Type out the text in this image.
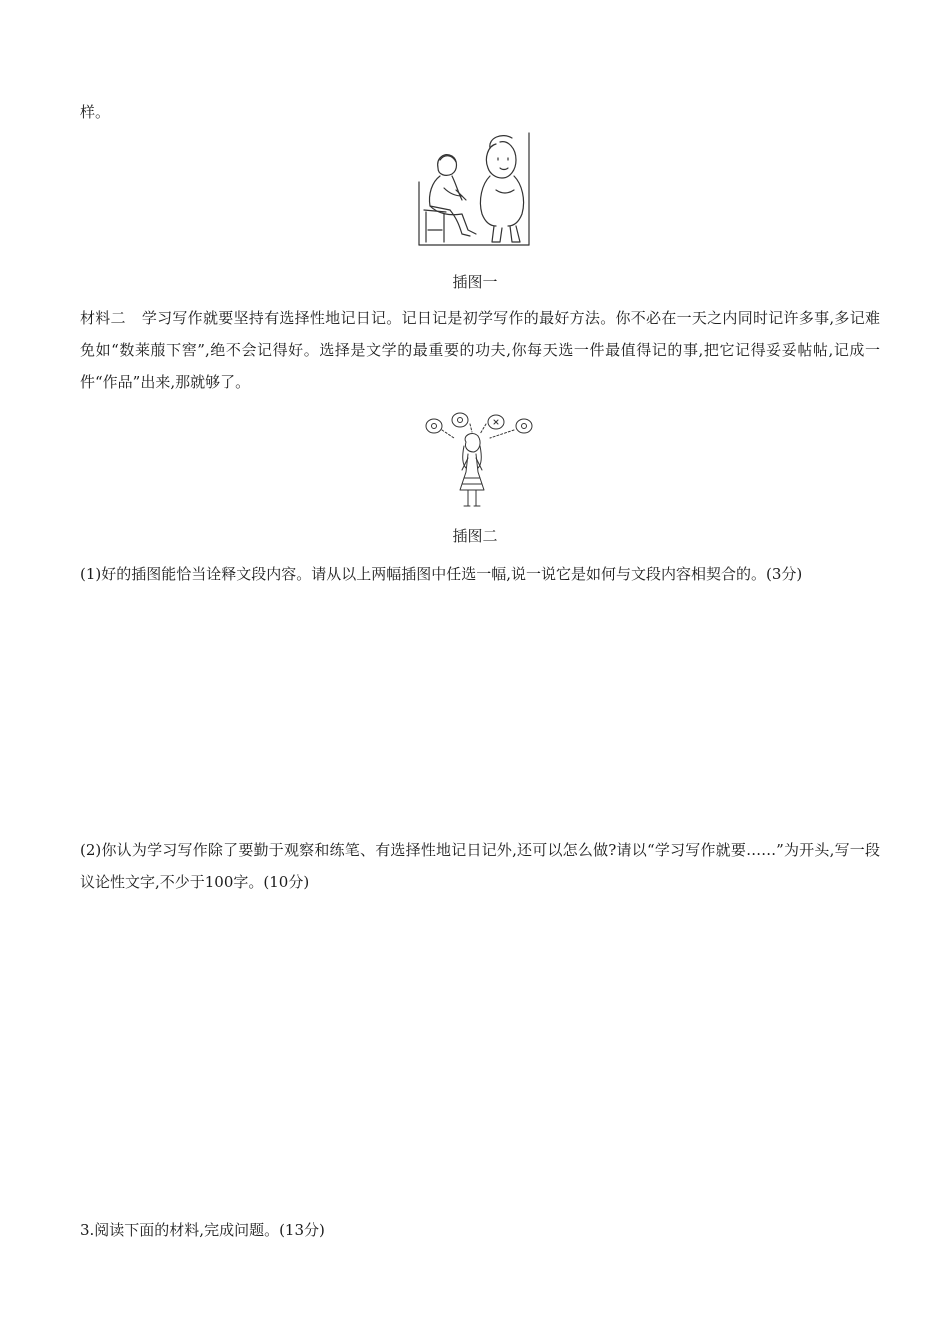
样。
插图一
材料二 学习写作就要坚持有选择性地记日记。记日记是初学写作的最好方法。你不必在一天之内同时记许多事,多记难免如“数莱菔下窖”,绝不会记得好。选择是文学的最重要的功夫,你每天选一件最值得记的事,把它记得妥妥帖帖,记成一件“作品”出来,那就够了。
插图二
(1)好的插图能恰当诠释文段内容。请从以上两幅插图中任选一幅,说一说它是如何与文段内容相契合的。(3分)
(2)你认为学习写作除了要勤于观察和练笔、有选择性地记日记外,还可以怎么做?请以“学习写作就要……”为开头,写一段议论性文字,不少于100字。(10分)
3.阅读下面的材料,完成问题。(13分)
